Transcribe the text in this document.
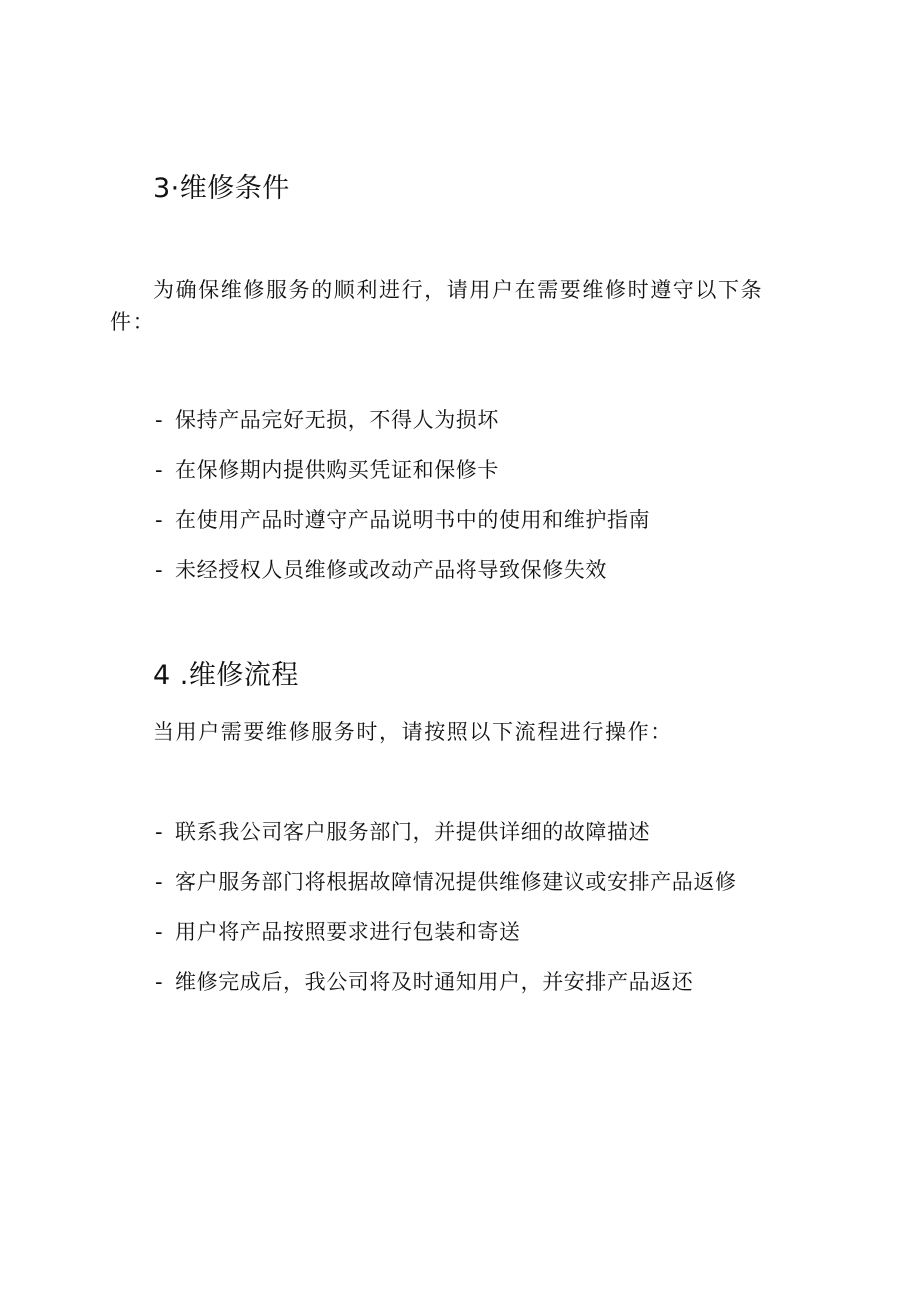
3·维修条件

为确保维修服务的顺利进行，请用户在需要维修时遵守以下条件：

- 保持产品完好无损，不得人为损坏
- 在保修期内提供购买凭证和保修卡
- 在使用产品时遵守产品说明书中的使用和维护指南
- 未经授权人员维修或改动产品将导致保修失效
4 .维修流程

当用户需要维修服务时，请按照以下流程进行操作：

- 联系我公司客户服务部门，并提供详细的故障描述
- 客户服务部门将根据故障情况提供维修建议或安排产品返修
- 用户将产品按照要求进行包装和寄送
- 维修完成后，我公司将及时通知用户，并安排产品返还
